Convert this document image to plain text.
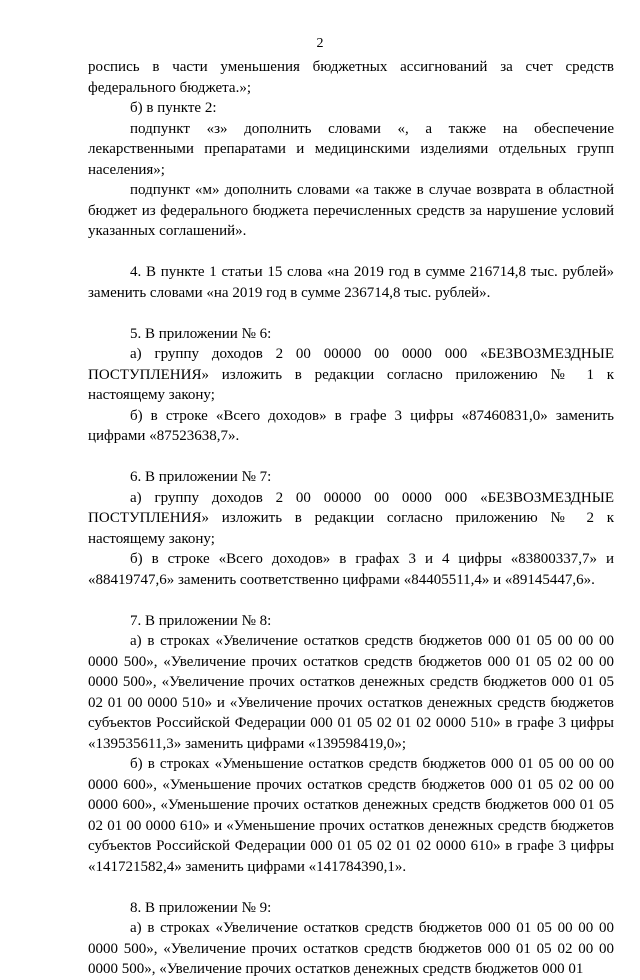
2
роспись в части уменьшения бюджетных ассигнований за счет средств федерального бюджета.»;
б) в пункте 2:
подпункт «з» дополнить словами «, а также на обеспечение лекарственными препаратами и медицинскими изделиями отдельных групп населения»;
подпункт «м» дополнить словами «а также в случае возврата в областной бюджет из федерального бюджета перечисленных средств за нарушение условий указанных соглашений».
4. В пункте 1 статьи 15 слова «на 2019 год в сумме 216714,8 тыс. рублей» заменить словами «на 2019 год в сумме 236714,8 тыс. рублей».
5. В приложении № 6:
а) группу доходов 2 00 00000 00 0000 000 «БЕЗВОЗМЕЗДНЫЕ ПОСТУПЛЕНИЯ» изложить в редакции согласно приложению № 1 к настоящему закону;
б) в строке «Всего доходов» в графе 3 цифры «87460831,0» заменить цифрами «87523638,7».
6. В приложении № 7:
а) группу доходов 2 00 00000 00 0000 000 «БЕЗВОЗМЕЗДНЫЕ ПОСТУПЛЕНИЯ» изложить в редакции согласно приложению № 2 к настоящему закону;
б) в строке «Всего доходов» в графах 3 и 4 цифры «83800337,7» и «88419747,6» заменить соответственно цифрами «84405511,4» и «89145447,6».
7. В приложении № 8:
а) в строках «Увеличение остатков средств бюджетов 000 01 05 00 00 00 0000 500», «Увеличение прочих остатков средств бюджетов 000 01 05 02 00 00 0000 500», «Увеличение прочих остатков денежных средств бюджетов 000 01 05 02 01 00 0000 510» и «Увеличение прочих остатков денежных средств бюджетов субъектов Российской Федерации 000 01 05 02 01 02 0000 510» в графе 3 цифры «139535611,3» заменить цифрами «139598419,0»;
б) в строках «Уменьшение остатков средств бюджетов 000 01 05 00 00 00 0000 600», «Уменьшение прочих остатков средств бюджетов 000 01 05 02 00 00 0000 600», «Уменьшение прочих остатков денежных средств бюджетов 000 01 05 02 01 00 0000 610» и «Уменьшение прочих остатков денежных средств бюджетов субъектов Российской Федерации 000 01 05 02 01 02 0000 610» в графе 3 цифры «141721582,4» заменить цифрами «141784390,1».
8. В приложении № 9:
а) в строках «Увеличение остатков средств бюджетов 000 01 05 00 00 00 0000 500», «Увеличение прочих остатков средств бюджетов 000 01 05 02 00 00 0000 500», «Увеличение прочих остатков денежных средств бюджетов 000 01
